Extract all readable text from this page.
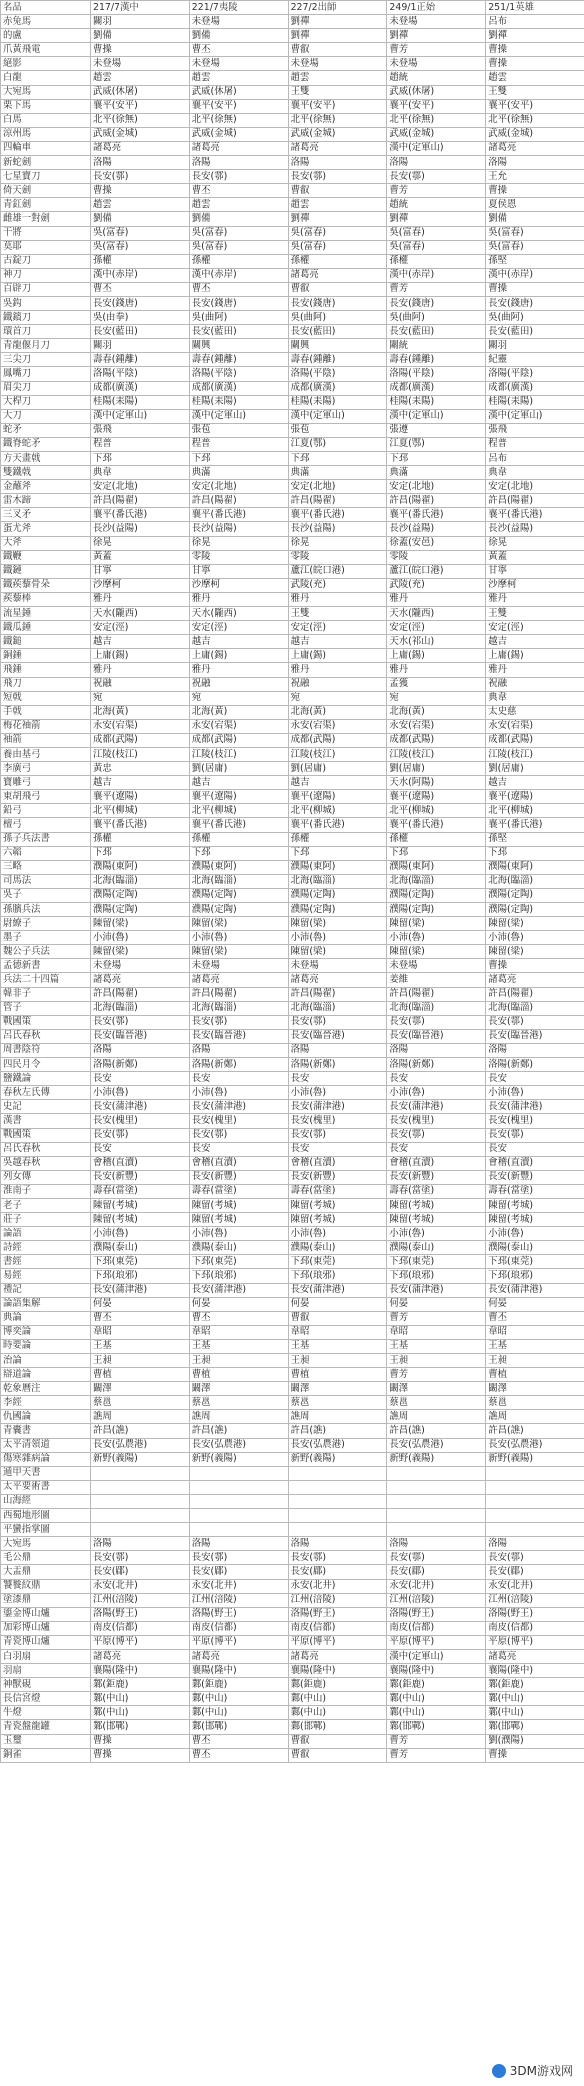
名品	217/7漢中	221/7夷陵	227/2出師	249/1正始	251/1英雄
赤兔馬	關羽	未登場	劉禪	未登場	呂布
的盧	劉備	劉備	劉禪	劉禪	劉禪
爪黃飛電	曹操	曹丕	曹叡	曹芳	曹操
絕影	未登場	未登場	未登場	未登場	曹操
白龍	趙雲	趙雲	趙雲	趙統	趙雲
大宛馬	武威(休屠)	武威(休屠)	王雙	武威(休屠)	王雙
栗下馬	襄平(安平)	襄平(安平)	襄平(安平)	襄平(安平)	襄平(安平)
白馬	北平(徐無)	北平(徐無)	北平(徐無)	北平(徐無)	北平(徐無)
涼州馬	武威(金城)	武威(金城)	武威(金城)	武威(金城)	武威(金城)
四輪車	諸葛亮	諸葛亮	諸葛亮	漢中(定軍山)	諸葛亮
新蛇劍	洛陽	洛陽	洛陽	洛陽	洛陽
七星寶刀	長安(鄠)	長安(鄠)	長安(鄠)	長安(鄠)	王允
倚天劍	曹操	曹丕	曹叡	曹芳	曹操
青釭劍	趙雲	趙雲	趙雲	趙統	夏侯恩
雌雄一對劍	劉備	劉備	劉禪	劉禪	劉備
干將	吳(富春)	吳(富春)	吳(富春)	吳(富春)	吳(富春)
莫耶	吳(富春)	吳(富春)	吳(富春)	吳(富春)	吳(富春)
古錠刀	孫權	孫權	孫權	孫權	孫堅
神刀	漢中(赤岸)	漢中(赤岸)	諸葛亮	漢中(赤岸)	漢中(赤岸)
百辟刀	曹丕	曹丕	曹叡	曹芳	曹操
吳鈎	長安(錢唐)	長安(錢唐)	長安(錢唐)	長安(錢唐)	長安(錢唐)
鐵鑌刀	吳(由拳)	吳(曲阿)	吳(曲阿)	吳(曲阿)	吳(曲阿)
環首刀	長安(藍田)	長安(藍田)	長安(藍田)	長安(藍田)	長安(藍田)
青龍偃月刀	關羽	關興	關興	關統	關羽
三尖刀	壽春(鍾離)	壽春(鍾離)	壽春(鍾離)	壽春(鍾離)	紀靈
鳳嘴刀	洛陽(平陰)	洛陽(平陰)	洛陽(平陰)	洛陽(平陰)	洛陽(平陰)
眉尖刀	成都(廣漢)	成都(廣漢)	成都(廣漢)	成都(廣漢)	成都(廣漢)
大桿刀	桂陽(耒陽)	桂陽(耒陽)	桂陽(耒陽)	桂陽(耒陽)	桂陽(耒陽)
大刀	漢中(定軍山)	漢中(定軍山)	漢中(定軍山)	漢中(定軍山)	漢中(定軍山)
蛇矛	張飛	張苞	張苞	張遵	張飛
鐵脊蛇矛	程普	程普	江夏(鄂)	江夏(鄂)	程普
方天畫戟	下邳	下邳	下邳	下邳	呂布
雙鐵戟	典韋	典滿	典滿	典滿	典韋
金蘸斧	安定(北地)	安定(北地)	安定(北地)	安定(北地)	安定(北地)
雷木蹄	許昌(陽翟)	許昌(陽翟)	許昌(陽翟)	許昌(陽翟)	許昌(陽翟)
三叉矛	襄平(番氏港)	襄平(番氏港)	襄平(番氏港)	襄平(番氏港)	襄平(番氏港)
蛋尤斧	長沙(益陽)	長沙(益陽)	長沙(益陽)	長沙(益陽)	長沙(益陽)
大斧	徐晃	徐晃	徐晃	徐蓋(安邑)	徐晃
鐵鞭	黃蓋	零陵	零陵	零陵	黃蓋
鐵鏈	甘寧	甘寧	蘆江(皖口港)	蘆江(皖口港)	甘寧
鐵蒺藜骨朵	沙摩柯	沙摩柯	武陵(充)	武陵(充)	沙摩柯
蒺藜棒	雅丹	雅丹	雅丹	雅丹	雅丹
流星錘	天水(隴西)	天水(隴西)	王雙	天水(隴西)	王雙
鐵瓜錘	安定(涇)	安定(涇)	安定(涇)	安定(涇)	安定(涇)
鐵鎚	越吉	越吉	越吉	天水(祁山)	越吉
銅錘	上庸(錫)	上庸(錫)	上庸(錫)	上庸(錫)	上庸(錫)
飛錘	雅丹	雅丹	雅丹	雅丹	雅丹
飛刀	祝融	祝融	祝融	孟獲	祝融
短戟	宛	宛	宛	宛	典韋
手戟	北海(黃)	北海(黃)	北海(黃)	北海(黃)	太史慈
梅花袖箭	永安(宕渠)	永安(宕渠)	永安(宕渠)	永安(宕渠)	永安(宕渠)
袖箭	成都(武陽)	成都(武陽)	成都(武陽)	成都(武陽)	成都(武陽)
養由基弓	江陵(枝江)	江陵(枝江)	江陵(枝江)	江陵(枝江)	江陵(枝江)
李廣弓	黃忠	劉(居庸)	劉(居庸)	劉(居庸)	劉(居庸)
寶雕弓	越吉	越吉	越吉	天水(阿陽)	越吉
東胡飛弓	襄平(遼陽)	襄平(遼陽)	襄平(遼陽)	襄平(遼陽)	襄平(遼陽)
鉛弓	北平(柳城)	北平(柳城)	北平(柳城)	北平(柳城)	北平(柳城)
檀弓	襄平(番氏港)	襄平(番氏港)	襄平(番氏港)	襄平(番氏港)	襄平(番氏港)
孫子兵法書	孫權	孫權	孫權	孫權	孫堅
六韜	下邳	下邳	下邳	下邳	下邳
三略	濮陽(東阿)	濮陽(東阿)	濮陽(東阿)	濮陽(東阿)	濮陽(東阿)
司馬法	北海(臨淄)	北海(臨淄)	北海(臨淄)	北海(臨淄)	北海(臨淄)
吳子	濮陽(定陶)	濮陽(定陶)	濮陽(定陶)	濮陽(定陶)	濮陽(定陶)
孫臏兵法	濮陽(定陶)	濮陽(定陶)	濮陽(定陶)	濮陽(定陶)	濮陽(定陶)
尉繚子	陳留(梁)	陳留(梁)	陳留(梁)	陳留(梁)	陳留(梁)
墨子	小沛(魯)	小沛(魯)	小沛(魯)	小沛(魯)	小沛(魯)
魏公子兵法	陳留(梁)	陳留(梁)	陳留(梁)	陳留(梁)	陳留(梁)
孟德新書	未登場	未登場	未登場	未登場	曹操
兵法二十四篇	諸葛亮	諸葛亮	諸葛亮	姜維	諸葛亮
韓非子	許昌(陽翟)	許昌(陽翟)	許昌(陽翟)	許昌(陽翟)	許昌(陽翟)
管子	北海(臨淄)	北海(臨淄)	北海(臨淄)	北海(臨淄)	北海(臨淄)
戰國策	長安(鄠)	長安(鄠)	長安(鄠)	長安(鄠)	長安(鄠)
呂氏春秋	長安(臨晉港)	長安(臨晉港)	長安(臨晉港)	長安(臨晉港)	長安(臨晉港)
周書陰符	洛陽	洛陽	洛陽	洛陽	洛陽
四民月令	洛陽(新鄭)	洛陽(新鄭)	洛陽(新鄭)	洛陽(新鄭)	洛陽(新鄭)
鹽鐵論	長安	長安	長安	長安	長安
春秋左氏傳	小沛(魯)	小沛(魯)	小沛(魯)	小沛(魯)	小沛(魯)
史記	長安(蒲津港)	長安(蒲津港)	長安(蒲津港)	長安(蒲津港)	長安(蒲津港)
漢書	長安(槐里)	長安(槐里)	長安(槐里)	長安(槐里)	長安(槐里)
戰國策	長安(鄠)	長安(鄠)	長安(鄠)	長安(鄠)	長安(鄠)
呂氏春秋	長安	長安	長安	長安	長安
吳越春秋	會稽(直瀆)	會稽(直瀆)	會稽(直瀆)	會稽(直瀆)	會稽(直瀆)
列女傳	長安(新豐)	長安(新豐)	長安(新豐)	長安(新豐)	長安(新豐)
淮南子	壽春(當塗)	壽春(當塗)	壽春(當塗)	壽春(當塗)	壽春(當塗)
老子	陳留(考城)	陳留(考城)	陳留(考城)	陳留(考城)	陳留(考城)
莊子	陳留(考城)	陳留(考城)	陳留(考城)	陳留(考城)	陳留(考城)
論語	小沛(魯)	小沛(魯)	小沛(魯)	小沛(魯)	小沛(魯)
詩經	濮陽(泰山)	濮陽(泰山)	濮陽(泰山)	濮陽(泰山)	濮陽(泰山)
書經	下邳(東莞)	下邳(東莞)	下邳(東莞)	下邳(東莞)	下邳(東莞)
易經	下邳(琅邪)	下邳(琅邪)	下邳(琅邪)	下邳(琅邪)	下邳(琅邪)
禮記	長安(蒲津港)	長安(蒲津港)	長安(蒲津港)	長安(蒲津港)	長安(蒲津港)
論語集解	何晏	何晏	何晏	何晏	何晏
典論	曹丕	曹丕	曹叡	曹芳	曹丕
博奕論	韋昭	韋昭	韋昭	韋昭	韋昭
時要論	王基	王基	王基	王基	王基
治論	王昶	王昶	王昶	王昶	王昶
辯道論	曹植	曹植	曹植	曹芳	曹植
乾象曆注	闞澤	闞澤	闞澤	闞澤	闞澤
李經	蔡邕	蔡邕	蔡邕	蔡邕	蔡邕
仇國論	譙周	譙周	譙周	譙周	譙周
青囊書	許昌(譙)	許昌(譙)	許昌(譙)	許昌(譙)	許昌(譙)
太平清領道	長安(弘農港)	長安(弘農港)	長安(弘農港)	長安(弘農港)	長安(弘農港)
傷寒雜病論	新野(義陽)	新野(義陽)	新野(義陽)	新野(義陽)	新野(義陽)
遁甲天書					
太平要術書					
山海經					
西蜀地形圖					
平蠻指掌圖					
大宛馬	洛陽	洛陽	洛陽	洛陽	洛陽
毛公鼎	長安(鄠)	長安(鄠)	長安(鄠)	長安(鄠)	長安(鄠)
大盂鼎	長安(郿)	長安(郿)	長安(郿)	長安(郿)	長安(郿)
饕餮紋鼎	永安(北井)	永安(北井)	永安(北井)	永安(北井)	永安(北井)
塗漆鼎	江州(涪陵)	江州(涪陵)	江州(涪陵)	江州(涪陵)	江州(涪陵)
鎏金博山爐	洛陽(野王)	洛陽(野王)	洛陽(野王)	洛陽(野王)	洛陽(野王)
加彩博山爐	南皮(信都)	南皮(信都)	南皮(信都)	南皮(信都)	南皮(信都)
青瓷博山爐	平原(博平)	平原(博平)	平原(博平)	平原(博平)	平原(博平)
白羽扇	諸葛亮	諸葛亮	諸葛亮	漢中(定軍山)	諸葛亮
羽扇	襄陽(隆中)	襄陽(隆中)	襄陽(隆中)	襄陽(隆中)	襄陽(隆中)
神獸硯	鄴(鉅鹿)	鄴(鉅鹿)	鄴(鉅鹿)	鄴(鉅鹿)	鄴(鉅鹿)
長信宮燈	鄴(中山)	鄴(中山)	鄴(中山)	鄴(中山)	鄴(中山)
牛燈	鄴(中山)	鄴(中山)	鄴(中山)	鄴(中山)	鄴(中山)
青瓷盤龍罐	鄴(邯鄲)	鄴(邯鄲)	鄴(邯鄲)	鄴(邯鄲)	鄴(邯鄲)
玉璽	曹操	曹丕	曹叡	曹芳	劉(濮陽)
銅雀	曹操	曹丕	曹叡	曹芳	曹操
3DM游戏网
